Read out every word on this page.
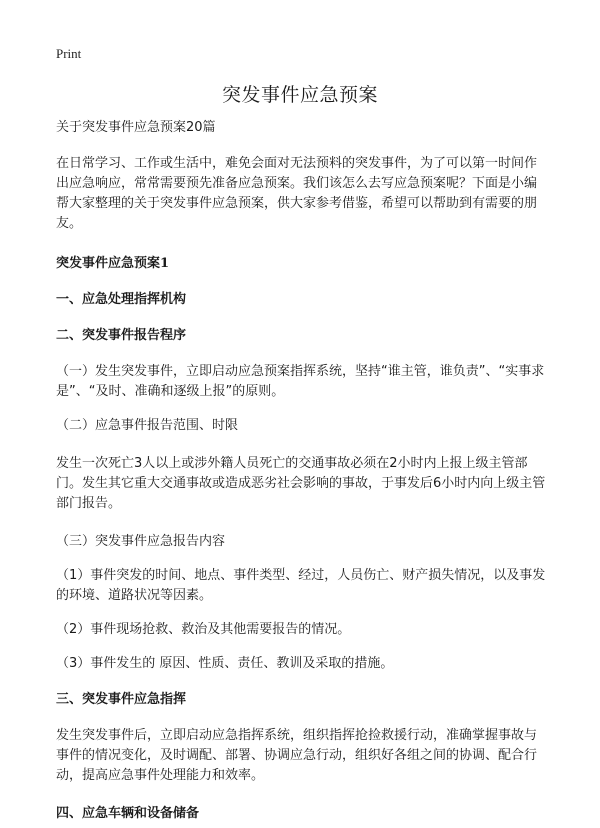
Print
突发事件应急预案

关于突发事件应急预案20篇

在日常学习、工作或生活中，难免会面对无法预料的突发事件，为了可以第一时间作出应急响应，常常需要预先准备应急预案。我们该怎么去写应急预案呢？下面是小编帮大家整理的关于突发事件应急预案，供大家参考借鉴，希望可以帮助到有需要的朋友。

突发事件应急预案1

一、应急处理指挥机构

二、突发事件报告程序

（一）发生突发事件，立即启动应急预案指挥系统，坚持“谁主管，谁负责”、“实事求是”、“及时、准确和逐级上报”的原则。

（二）应急事件报告范围、时限

发生一次死亡3人以上或涉外籍人员死亡的交通事故必须在2小时内上报上级主管部门。发生其它重大交通事故或造成恶劣社会影响的事故，于事发后6小时内向上级主管部门报告。

（三）突发事件应急报告内容

（1）事件突发的时间、地点、事件类型、经过，人员伤亡、财产损失情况，以及事发的环境、道路状况等因素。

（2）事件现场抢救、救治及其他需要报告的情况。

（3）事件发生的 原因、性质、责任、教训及采取的措施。

三、突发事件应急指挥

发生突发事件后，立即启动应急指挥系统，组织指挥抢捡救援行动，准确掌握事故与事件的情况变化，及时调配、部署、协调应急行动，组织好各组之间的协调、配合行动，提高应急事件处理能力和效率。

四、应急车辆和设备储备
